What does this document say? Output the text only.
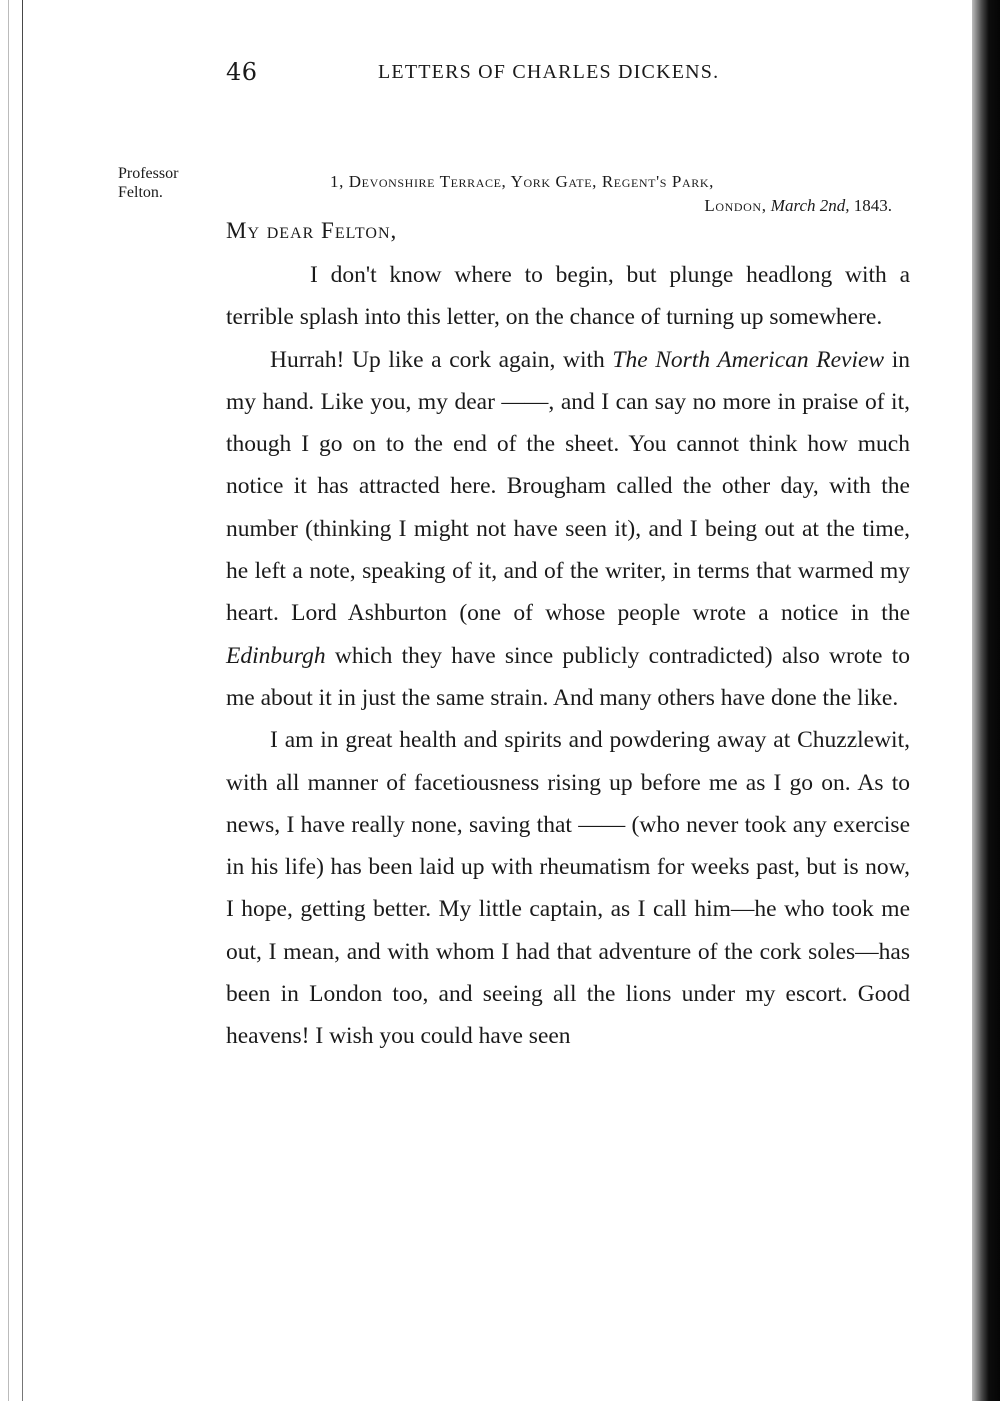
46	LETTERS OF CHARLES DICKENS.
Professor
Felton.
1, Devonshire Terrace, York Gate, Regent's Park,
London, March 2nd, 1843.
My dear Felton,

I don't know where to begin, but plunge headlong with a terrible splash into this letter, on the chance of turning up somewhere.

Hurrah! Up like a cork again, with The North American Review in my hand. Like you, my dear ——, and I can say no more in praise of it, though I go on to the end of the sheet. You cannot think how much notice it has attracted here. Brougham called the other day, with the number (thinking I might not have seen it), and I being out at the time, he left a note, speaking of it, and of the writer, in terms that warmed my heart. Lord Ashburton (one of whose people wrote a notice in the Edinburgh which they have since publicly contradicted) also wrote to me about it in just the same strain. And many others have done the like.

I am in great health and spirits and powdering away at Chuzzlewit, with all manner of facetiousness rising up before me as I go on. As to news, I have really none, saving that —— (who never took any exercise in his life) has been laid up with rheumatism for weeks past, but is now, I hope, getting better. My little captain, as I call him—he who took me out, I mean, and with whom I had that adventure of the cork soles—has been in London too, and seeing all the lions under my escort. Good heavens! I wish you could have seen
